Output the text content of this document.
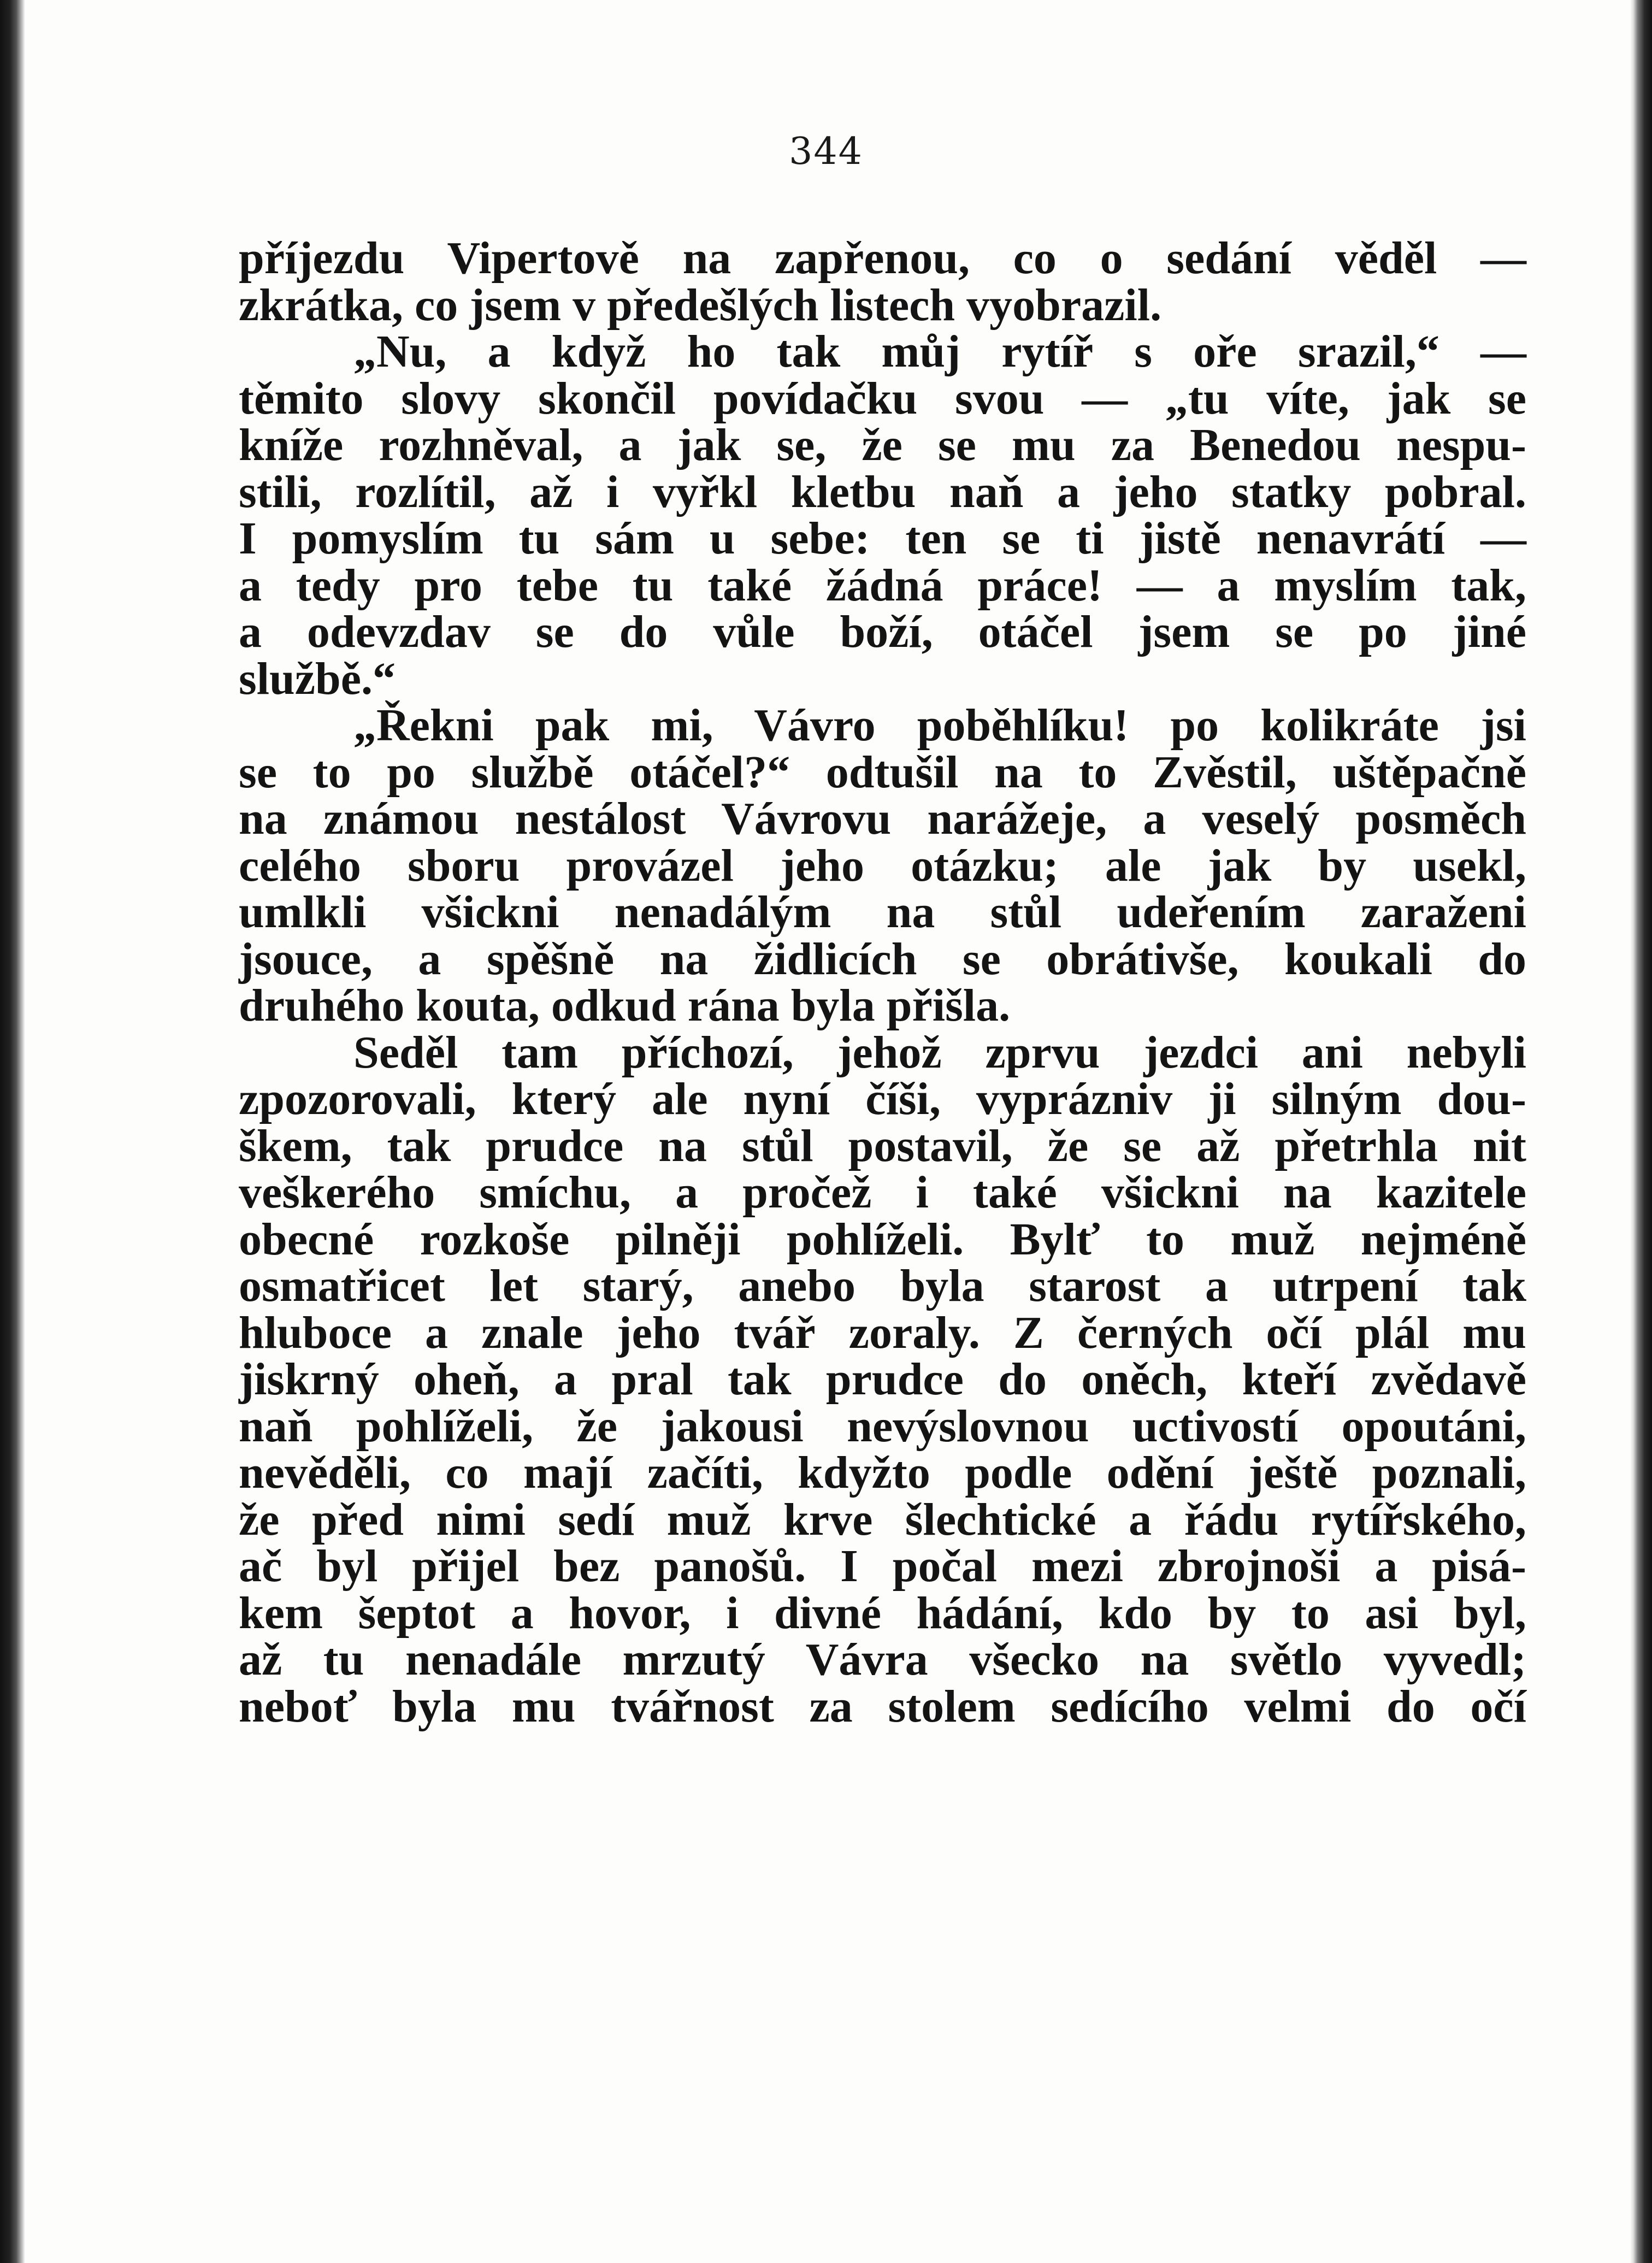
344
příjezdu Vipertově na zapřenou, co o sedání věděl —
zkrátka, co jsem v předešlých listech vyobrazil.
„Nu, a když ho tak můj rytíř s oře srazil,“ —
těmito slovy skončil povídačku svou — „tu víte, jak se
kníže rozhněval, a jak se, že se mu za Benedou nespu-
stili, rozlítil, až i vyřkl kletbu naň a jeho statky pobral.
I pomyslím tu sám u sebe: ten se ti jistě nenavrátí —
a tedy pro tebe tu také žádná práce! — a myslím tak,
a odevzdav se do vůle boží, otáčel jsem se po jiné
službě.“
„Řekni pak mi, Vávro poběhlíku! po kolikráte jsi
se to po službě otáčel?“ odtušil na to Zvěstil, uštěpačně
na známou nestálost Vávrovu narážeje, a veselý posměch
celého sboru provázel jeho otázku; ale jak by usekl,
umlkli všickni nenadálým na stůl udeřením zaraženi
jsouce, a spěšně na židlicích se obrátivše, koukali do
druhého kouta, odkud rána byla přišla.
Seděl tam příchozí, jehož zprvu jezdci ani nebyli
zpozorovali, který ale nyní číši, vyprázniv ji silným dou-
škem, tak prudce na stůl postavil, že se až přetrhla nit
veškerého smíchu, a pročež i také všickni na kazitele
obecné rozkoše pilněji pohlíželi. Bylť to muž nejméně
osmatřicet let starý, anebo byla starost a utrpení tak
hluboce a znale jeho tvář zoraly. Z černých očí plál mu
jiskrný oheň, a pral tak prudce do oněch, kteří zvědavě
naň pohlíželi, že jakousi nevýslovnou uctivostí opoutáni,
nevěděli, co mají začíti, kdyžto podle odění ještě poznali,
že před nimi sedí muž krve šlechtické a řádu rytířského,
ač byl přijel bez panošů. I počal mezi zbrojnoši a pisá-
kem šeptot a hovor, i divné hádání, kdo by to asi byl,
až tu nenadále mrzutý Vávra všecko na světlo vyvedl;
neboť byla mu tvářnost za stolem sedícího velmi do očí
